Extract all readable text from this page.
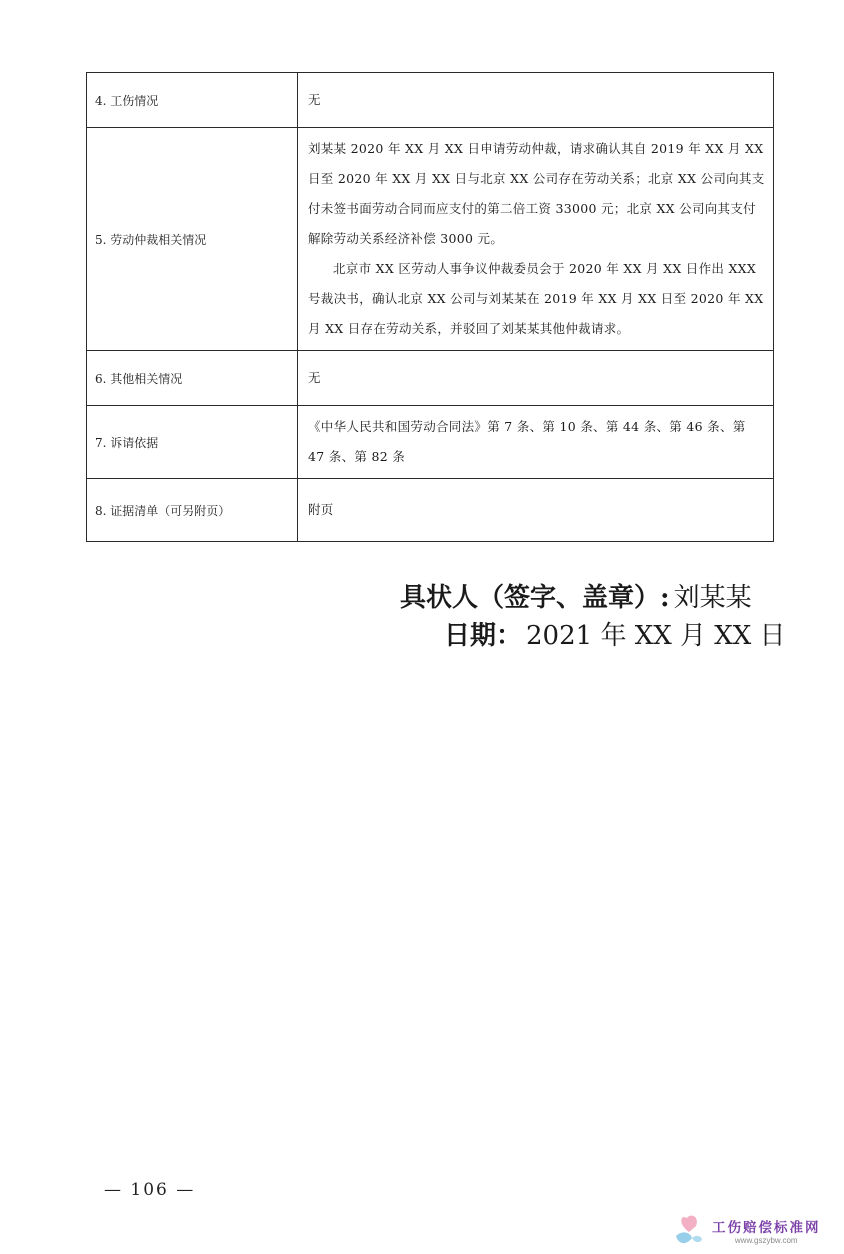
4. 工伤情况	无

5. 劳动仲裁相关情况	刘某某 2020 年 XX 月 XX 日申请劳动仲裁，请求确认其自 2019 年 XX 月 XX 日至 2020 年 XX 月 XX 日与北京 XX 公司存在劳动关系；北京 XX 公司向其支付未签书面劳动合同而应支付的第二倍工资 33000 元；北京 XX 公司向其支付解除劳动关系经济补偿 3000 元。

北京市 XX 区劳动人事争议仲裁委员会于 2020 年 XX 月 XX 日作出 XXX 号裁决书，确认北京 XX 公司与刘某某在 2019 年 XX 月 XX 日至 2020 年 XX 月 XX 日存在劳动关系，并驳回了刘某某其他仲裁请求。

6. 其他相关情况	无

7. 诉请依据	《中华人民共和国劳动合同法》第 7 条、第 10 条、第 44 条、第 46 条、第 47 条、第 82 条

8. 证据清单（可另附页）	附页

具状人（签字、盖章）: 刘某某
日期： 2021 年 XX 月 XX 日
— 106 —
工伤赔偿标准网
www.gszybw.com
